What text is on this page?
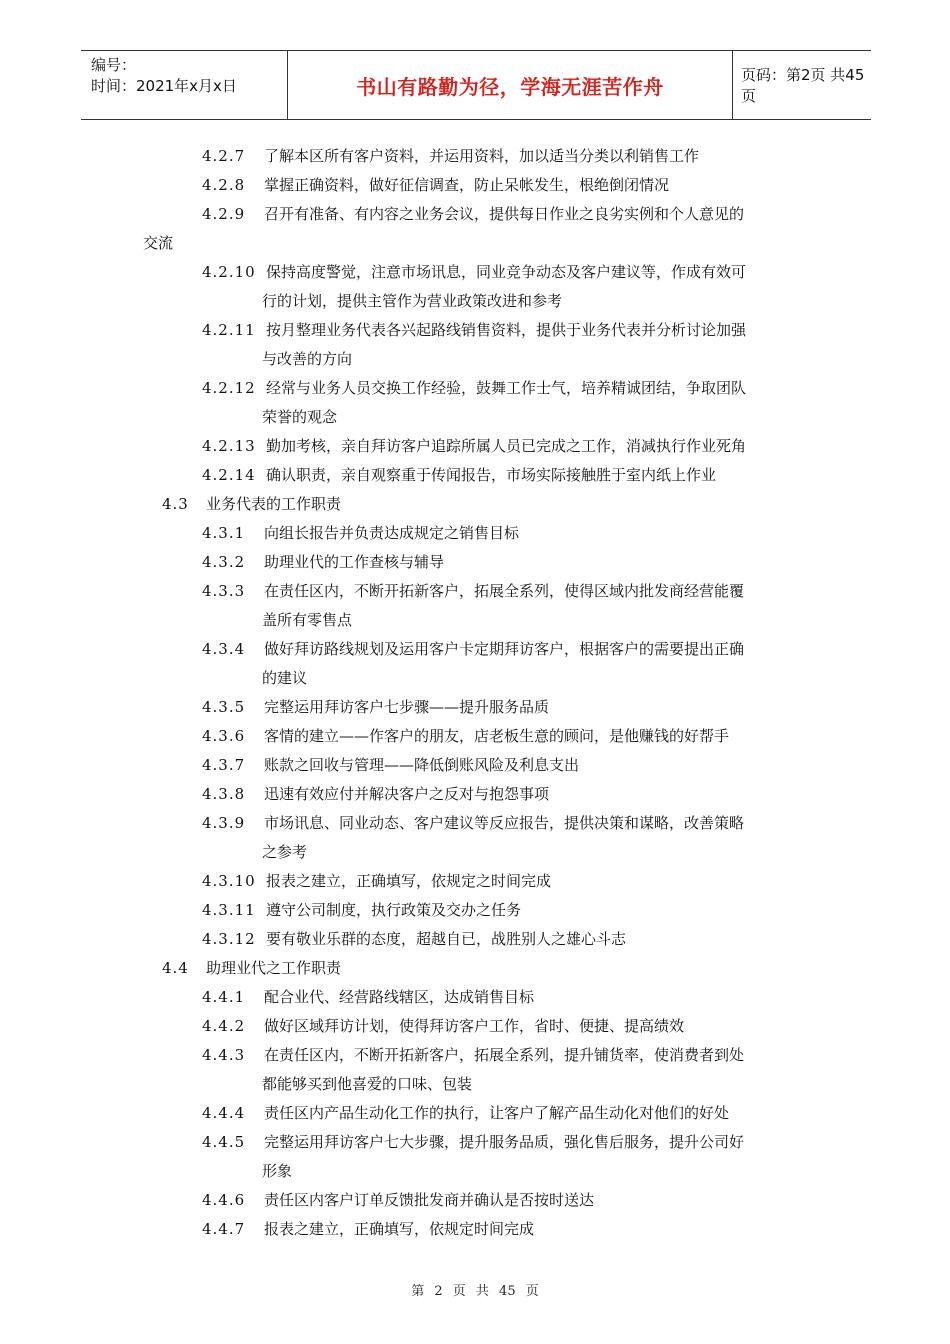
编号：
时间：2021年x月x日	书山有路勤为径，学海无涯苦作舟	页码：第2页 共45页
4.2.7 了解本区所有客户资料，并运用资料，加以适当分类以利销售工作
4.2.8 掌握正确资料，做好征信调查，防止呆帐发生，根绝倒闭情况
4.2.9 召开有准备、有内容之业务会议，提供每日作业之良劣实例和个人意见的
交流
4.2.10 保持高度警觉，注意市场讯息，同业竞争动态及客户建议等，作成有效可
行的计划，提供主管作为营业政策改进和参考
4.2.11 按月整理业务代表各兴起路线销售资料，提供于业务代表并分析讨论加强
与改善的方向
4.2.12 经常与业务人员交换工作经验，鼓舞工作士气，培养精诚团结，争取团队
荣誉的观念
4.2.13 勤加考核，亲自拜访客户追踪所属人员已完成之工作，消减执行作业死角
4.2.14 确认职责，亲自观察重于传闻报告，市场实际接触胜于室内纸上作业
4.3 业务代表的工作职责
4.3.1 向组长报告并负责达成规定之销售目标
4.3.2 助理业代的工作查核与辅导
4.3.3 在责任区内，不断开拓新客户，拓展全系列，使得区域内批发商经营能覆
盖所有零售点
4.3.4 做好拜访路线规划及运用客户卡定期拜访客户，根据客户的需要提出正确
的建议
4.3.5 完整运用拜访客户七步骤——提升服务品质
4.3.6 客情的建立——作客户的朋友，店老板生意的顾问，是他赚钱的好帮手
4.3.7 账款之回收与管理——降低倒账风险及利息支出
4.3.8 迅速有效应付并解决客户之反对与抱怨事项
4.3.9 市场讯息、同业动态、客户建议等反应报告，提供决策和谋略，改善策略
之参考
4.3.10 报表之建立，正确填写，依规定之时间完成
4.3.11 遵守公司制度，执行政策及交办之任务
4.3.12 要有敬业乐群的态度，超越自已，战胜别人之雄心斗志
4.4 助理业代之工作职责
4.4.1 配合业代、经营路线辖区，达成销售目标
4.4.2 做好区域拜访计划，使得拜访客户工作，省时、便捷、提高绩效
4.4.3 在责任区内，不断开拓新客户，拓展全系列，提升铺货率，使消费者到处
都能够买到他喜爱的口味、包装
4.4.4 责任区内产品生动化工作的执行，让客户了解产品生动化对他们的好处
4.4.5 完整运用拜访客户七大步骤，提升服务品质，强化售后服务，提升公司好
形象
4.4.6 责任区内客户订单反馈批发商并确认是否按时送达
4.4.7 报表之建立，正确填写，依规定时间完成
第 2 页 共 45 页
